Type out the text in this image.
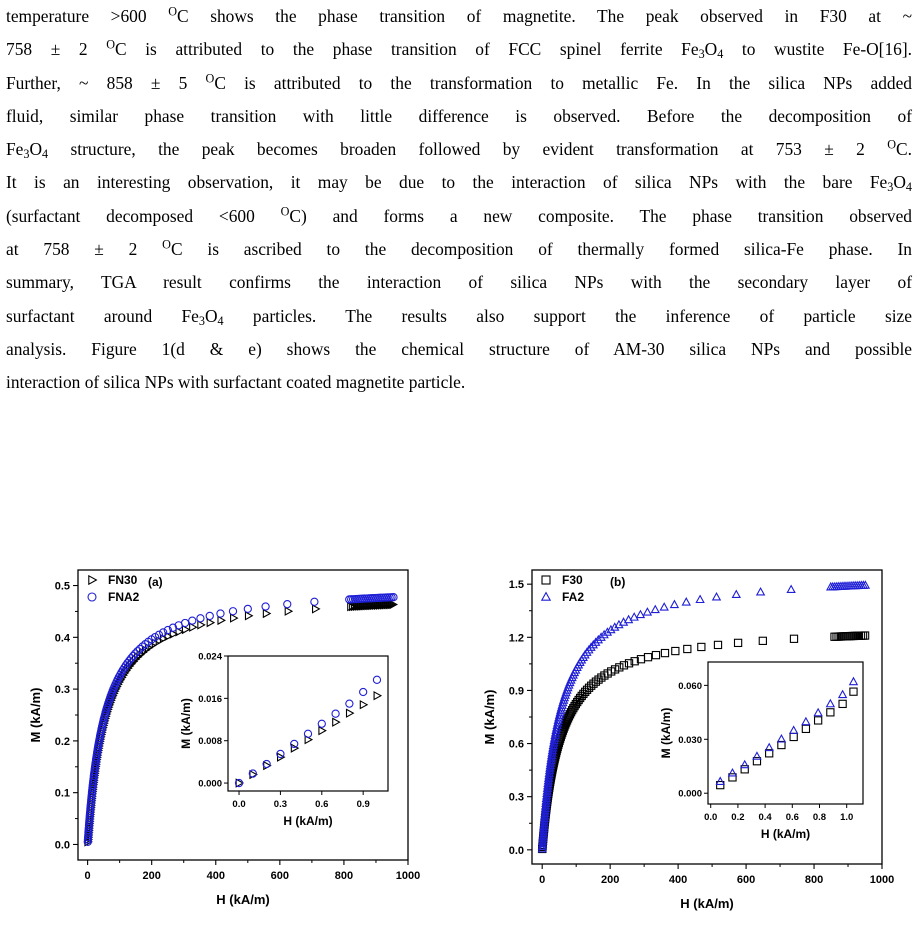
temperature >600 $^O$C shows the phase transition of magnetite. The peak observed in F30 at ~
758 ± 2 $^O$C is attributed to the phase transition of FCC spinel ferrite $Fe_3O_4$ to wustite Fe-O[16].
Further, ~ 858 ± 5 $^O$C is attributed to the transformation to metallic Fe. In the silica NPs added
fluid, similar phase transition with little difference is observed. Before the decomposition of
$Fe_3O_4$ structure, the peak becomes broaden followed by evident transformation at 753 ± 2 $^O$C.
It is an interesting observation, it may be due to the interaction of silica NPs with the bare $Fe_3O_4$
(surfactant decomposed <600 $^O$C) and forms a new composite. The phase transition observed
at 758 ± 2 $^O$C is ascribed to the decomposition of thermally formed silica-Fe phase. In
summary, TGA result confirms the interaction of silica NPs with the secondary layer of
surfactant around $Fe_3O_4$ particles. The results also support the inference of particle size
analysis. Figure 1(d & e) shows the chemical structure of AM-30 silica NPs and possible
interaction of silica NPs with surfactant coated magnetite particle.
0	200	400	600	800	1000
0.0
0.1
0.2
0.3
0.4
0.5
H (kA/m)
M (kA/m)
FN30
FNA2
(a)
0.0	0.3	0.6	0.9
0.000
0.008
0.016
0.024
H (kA/m)
M (kA/m)
0	200	400	600	800	1000
0.0
0.3
0.6
0.9
1.2
1.5
H (kA/m)
M (kA/m)
F30
FA2
(b)
0.0 0.2 0.4 0.6 0.8 1.0
0.000
0.030
0.060
H (kA/m)
M (kA/m)
